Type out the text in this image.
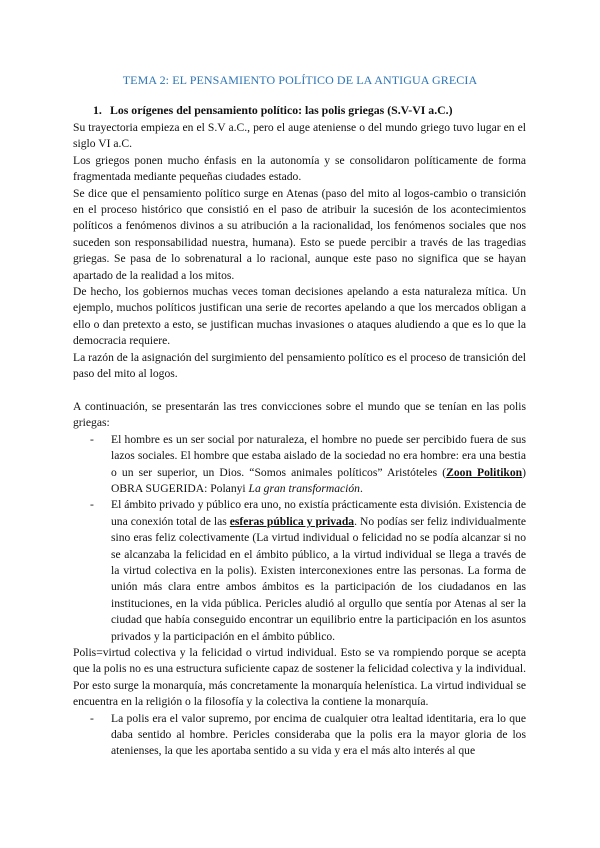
TEMA 2: EL PENSAMIENTO POLÍTICO DE LA ANTIGUA GRECIA
1. Los orígenes del pensamiento político: las polis griegas (S.V-VI a.C.)

Su trayectoria empieza en el S.V a.C., pero el auge ateniense o del mundo griego tuvo lugar en el siglo VI a.C.

Los griegos ponen mucho énfasis en la autonomía y se consolidaron políticamente de forma fragmentada mediante pequeñas ciudades estado.

Se dice que el pensamiento político surge en Atenas (paso del mito al logos-cambio o transición en el proceso histórico que consistió en el paso de atribuir la sucesión de los acontecimientos políticos a fenómenos divinos a su atribución a la racionalidad, los fenómenos sociales que nos suceden son responsabilidad nuestra, humana). Esto se puede percibir a través de las tragedias griegas. Se pasa de lo sobrenatural a lo racional, aunque este paso no significa que se hayan apartado de la realidad a los mitos.

De hecho, los gobiernos muchas veces toman decisiones apelando a esta naturaleza mítica. Un ejemplo, muchos políticos justifican una serie de recortes apelando a que los mercados obligan a ello o dan pretexto a esto, se justifican muchas invasiones o ataques aludiendo a que es lo que la democracia requiere.

La razón de la asignación del surgimiento del pensamiento político es el proceso de transición del paso del mito al logos.

A continuación, se presentarán las tres convicciones sobre el mundo que se tenían en las polis griegas:

- El hombre es un ser social por naturaleza, el hombre no puede ser percibido fuera de sus lazos sociales. El hombre que estaba aislado de la sociedad no era hombre: era una bestia o un ser superior, un Dios. “Somos animales políticos” Aristóteles (Zoon Politikon) OBRA SUGERIDA: Polanyi La gran transformación.
- El ámbito privado y público era uno, no existía prácticamente esta división. Existencia de una conexión total de las esferas pública y privada. No podías ser feliz individualmente sino eras feliz colectivamente (La virtud individual o felicidad no se podía alcanzar si no se alcanzaba la felicidad en el ámbito público, a la virtud individual se llega a través de la virtud colectiva en la polis). Existen interconexiones entre las personas. La forma de unión más clara entre ambos ámbitos es la participación de los ciudadanos en las instituciones, en la vida pública. Pericles aludió al orgullo que sentía por Atenas al ser la ciudad que había conseguido encontrar un equilibrio entre la participación en los asuntos privados y la participación en el ámbito público.

Polis=virtud colectiva y la felicidad o virtud individual. Esto se va rompiendo porque se acepta que la polis no es una estructura suficiente capaz de sostener la felicidad colectiva y la individual. Por esto surge la monarquía, más concretamente la monarquía helenística. La virtud individual se encuentra en la religión o la filosofía y la colectiva la contiene la monarquía.

- La polis era el valor supremo, por encima de cualquier otra lealtad identitaria, era lo que daba sentido al hombre. Pericles consideraba que la polis era la mayor gloria de los atenienses, la que les aportaba sentido a su vida y era el más alto interés al que
